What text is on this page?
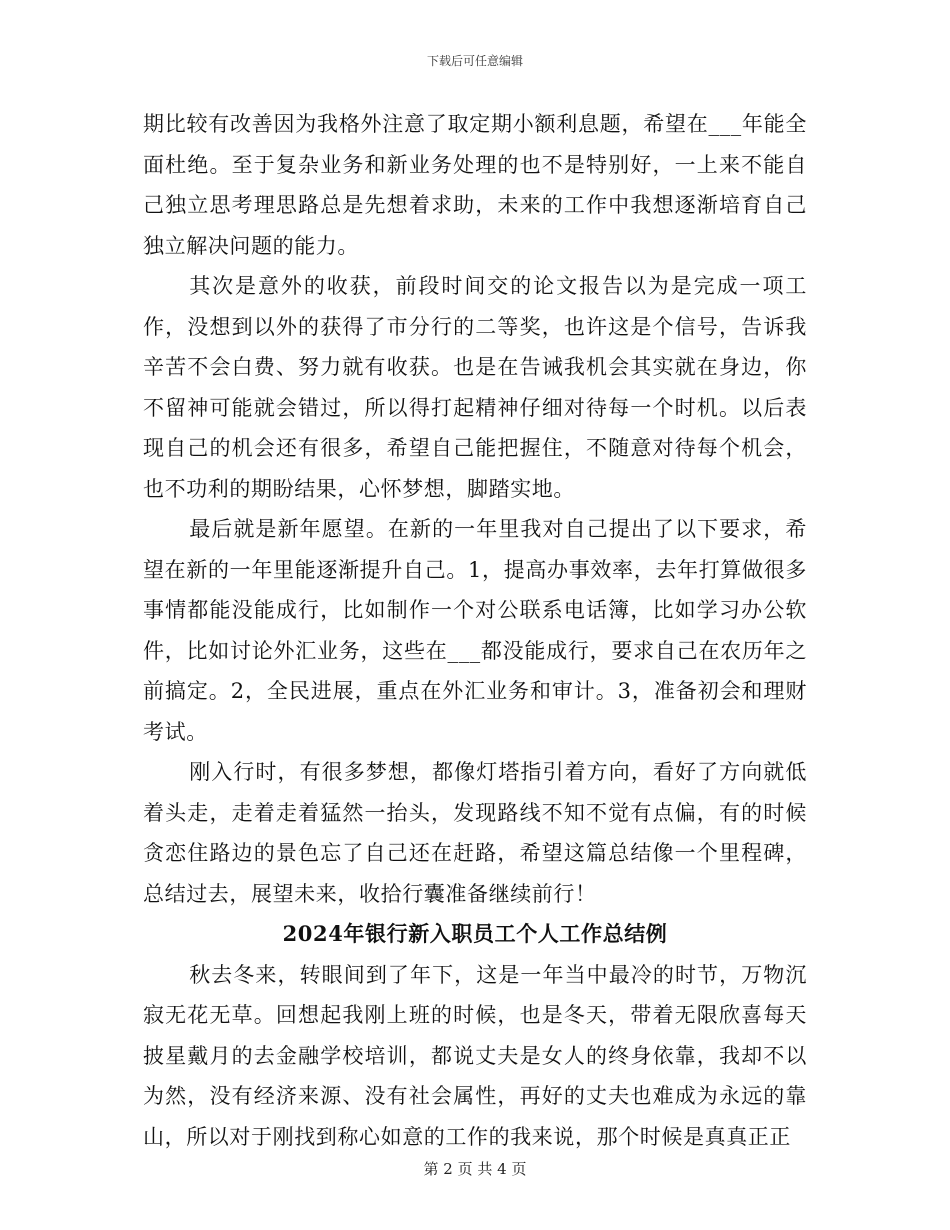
下载后可任意编辑

期比较有改善因为我格外注意了取定期小额利息题，希望在___年能全面杜绝。至于复杂业务和新业务处理的也不是特别好，一上来不能自己独立思考理思路总是先想着求助，未来的工作中我想逐渐培育自己独立解决问题的能力。

其次是意外的收获，前段时间交的论文报告以为是完成一项工作，没想到以外的获得了市分行的二等奖，也许这是个信号，告诉我辛苦不会白费、努力就有收获。也是在告诫我机会其实就在身边，你不留神可能就会错过，所以得打起精神仔细对待每一个时机。以后表现自己的机会还有很多，希望自己能把握住，不随意对待每个机会，也不功利的期盼结果，心怀梦想，脚踏实地。

最后就是新年愿望。在新的一年里我对自己提出了以下要求，希望在新的一年里能逐渐提升自己。1，提高办事效率，去年打算做很多事情都能没能成行，比如制作一个对公联系电话簿，比如学习办公软件，比如讨论外汇业务，这些在___都没能成行，要求自己在农历年之前搞定。2，全民进展，重点在外汇业务和审计。3，准备初会和理财考试。

刚入行时，有很多梦想，都像灯塔指引着方向，看好了方向就低着头走，走着走着猛然一抬头，发现路线不知不觉有点偏，有的时候贪恋住路边的景色忘了自己还在赶路，希望这篇总结像一个里程碑，总结过去，展望未来，收拾行囊准备继续前行！

2024年银行新入职员工个人工作总结例

秋去冬来，转眼间到了年下，这是一年当中最冷的时节，万物沉寂无花无草。回想起我刚上班的时候，也是冬天，带着无限欣喜每天披星戴月的去金融学校培训，都说丈夫是女人的终身依靠，我却不以为然，没有经济来源、没有社会属性，再好的丈夫也难成为永远的靠山，所以对于刚找到称心如意的工作的我来说，那个时候是真真正正

第 2 页 共 4 页
